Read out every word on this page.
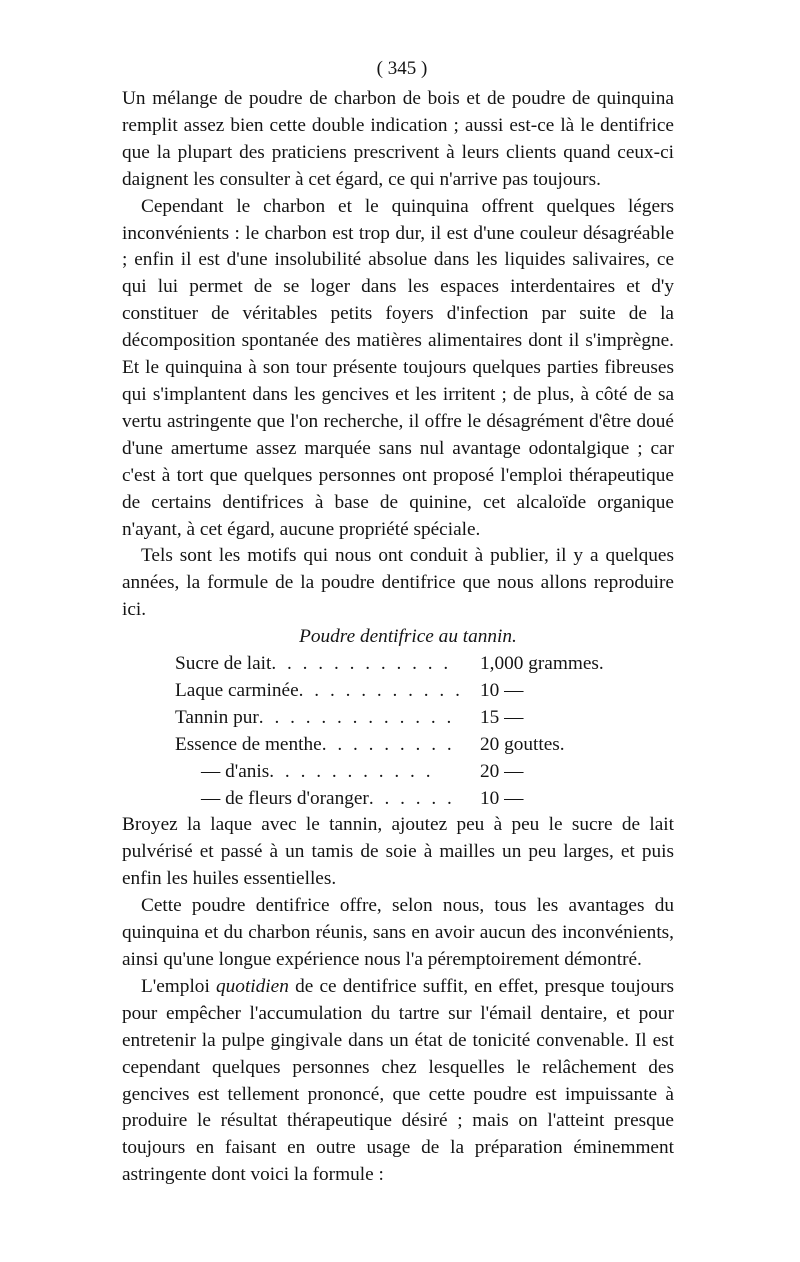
( 345 )

Un mélange de poudre de charbon de bois et de poudre de quinquina remplit assez bien cette double indication ; aussi est-ce là le dentifrice que la plupart des praticiens prescrivent à leurs clients quand ceux-ci daignent les consulter à cet égard, ce qui n'arrive pas toujours.

Cependant le charbon et le quinquina offrent quelques légers inconvénients : le charbon est trop dur, il est d'une couleur désagréable ; enfin il est d'une insolubilité absolue dans les liquides salivaires, ce qui lui permet de se loger dans les espaces interdentaires et d'y constituer de véritables petits foyers d'infection par suite de la décomposition spontanée des matières alimentaires dont il s'imprègne. Et le quinquina à son tour présente toujours quelques parties fibreuses qui s'implantent dans les gencives et les irritent ; de plus, à côté de sa vertu astringente que l'on recherche, il offre le désagrément d'être doué d'une amertume assez marquée sans nul avantage odontalgique ; car c'est à tort que quelques personnes ont proposé l'emploi thérapeutique de certains dentifrices à base de quinine, cet alcaloïde organique n'ayant, à cet égard, aucune propriété spéciale.

Tels sont les motifs qui nous ont conduit à publier, il y a quelques années, la formule de la poudre dentifrice que nous allons reproduire ici.

Poudre dentifrice au tannin.
Sucre de lait. . . . . . . . . . . .	1,000 grammes.
Laque carminée. . . . . . . . . . . 10 —
Tannin pur. . . . . . . . . . . . .	15 —
Essence de menthe. . . . . . . . .	20 gouttes.
— d'anis. . . . . . . . . . .	20 —
— de fleurs d'oranger. . . . . .	10 —

Broyez la laque avec le tannin, ajoutez peu à peu le sucre de lait pulvérisé et passé à un tamis de soie à mailles un peu larges, et puis enfin les huiles essentielles.

Cette poudre dentifrice offre, selon nous, tous les avantages du quinquina et du charbon réunis, sans en avoir aucun des inconvénients, ainsi qu'une longue expérience nous l'a péremptoirement démontré.

L'emploi quotidien de ce dentifrice suffit, en effet, presque toujours pour empêcher l'accumulation du tartre sur l'émail dentaire, et pour entretenir la pulpe gingivale dans un état de tonicité convenable. Il est cependant quelques personnes chez lesquelles le relâchement des gencives est tellement prononcé, que cette poudre est impuissante à produire le résultat thérapeutique désiré ; mais on l'atteint presque toujours en faisant en outre usage de la préparation éminemment astringente dont voici la formule :
